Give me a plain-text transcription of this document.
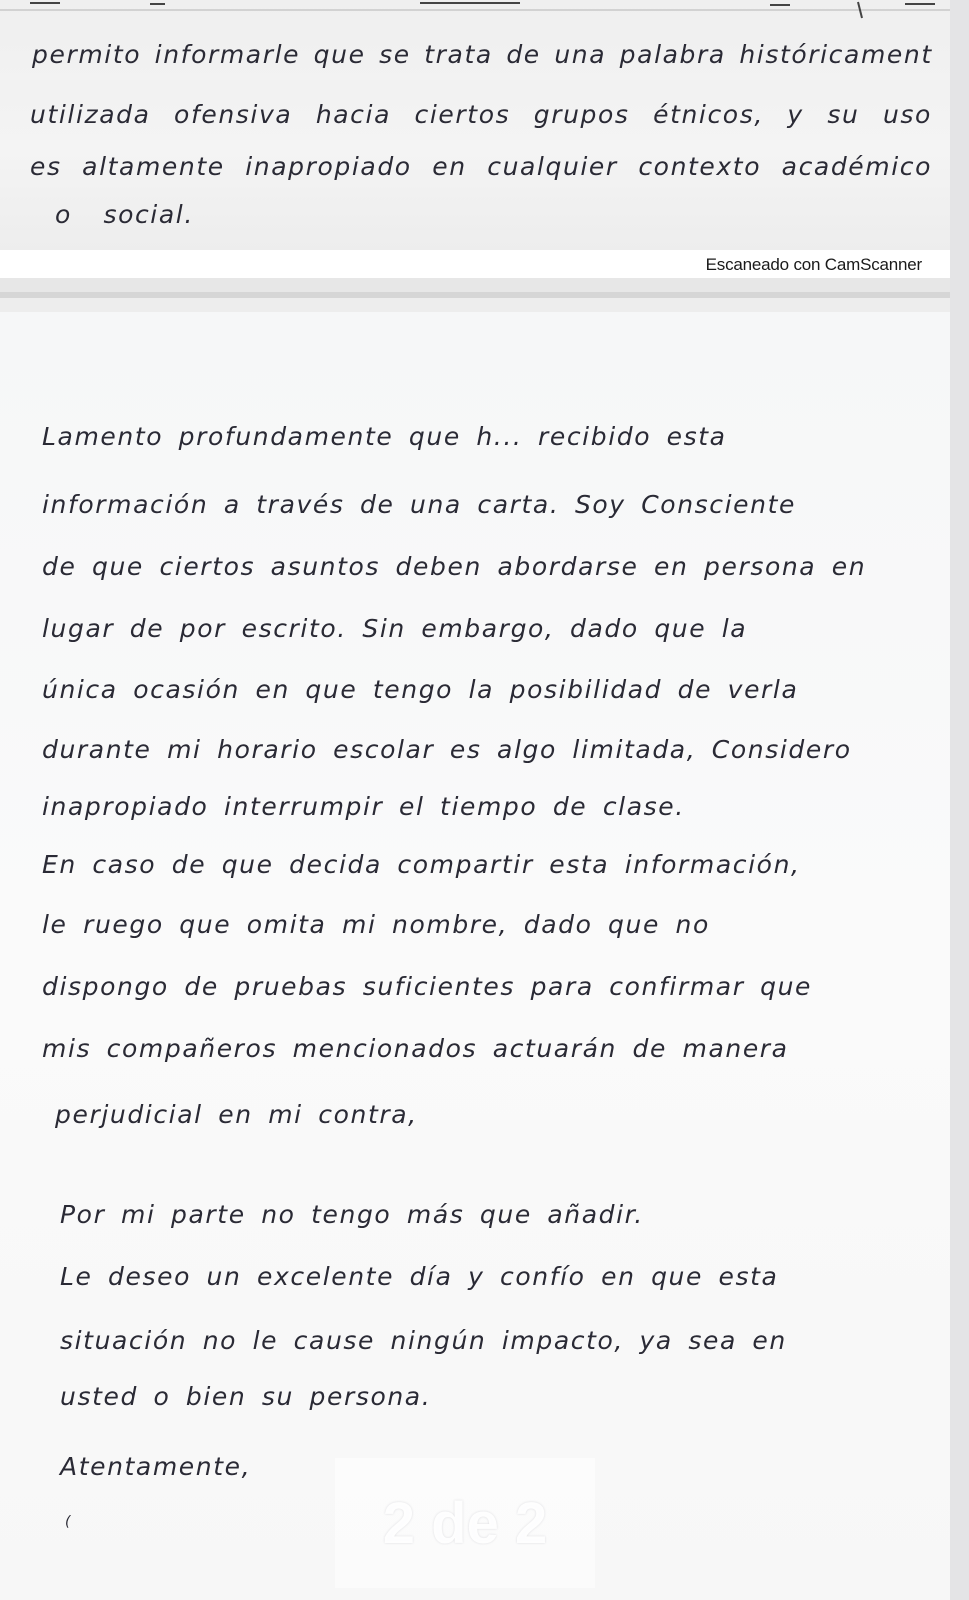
permito informarle que se trata de una palabra históricament

utilizada ofensiva hacia ciertos grupos étnicos, y su uso

es altamente inapropiado en cualquier contexto académico

o social.

Escaneado con CamScanner

Lamento profundamente que h... recibido esta

información a través de una carta. Soy Consciente

de que ciertos asuntos deben abordarse en persona en

lugar de por escrito. Sin embargo, dado que la

única ocasión en que tengo la posibilidad de verla

durante mi horario escolar es algo limitada, Considero

inapropiado interrumpir el tiempo de clase.

En caso de que decida compartir esta información,

le ruego que omita mi nombre, dado que no

dispongo de pruebas suficientes para confirmar que

mis compañeros mencionados actuarán de manera

perjudicial en mi contra,

Por mi parte no tengo más que añadir.

Le deseo un excelente día y confío en que esta

situación no le cause ningún impacto, ya sea en

usted o bien su persona.

Atentamente,

(	2 de 2
